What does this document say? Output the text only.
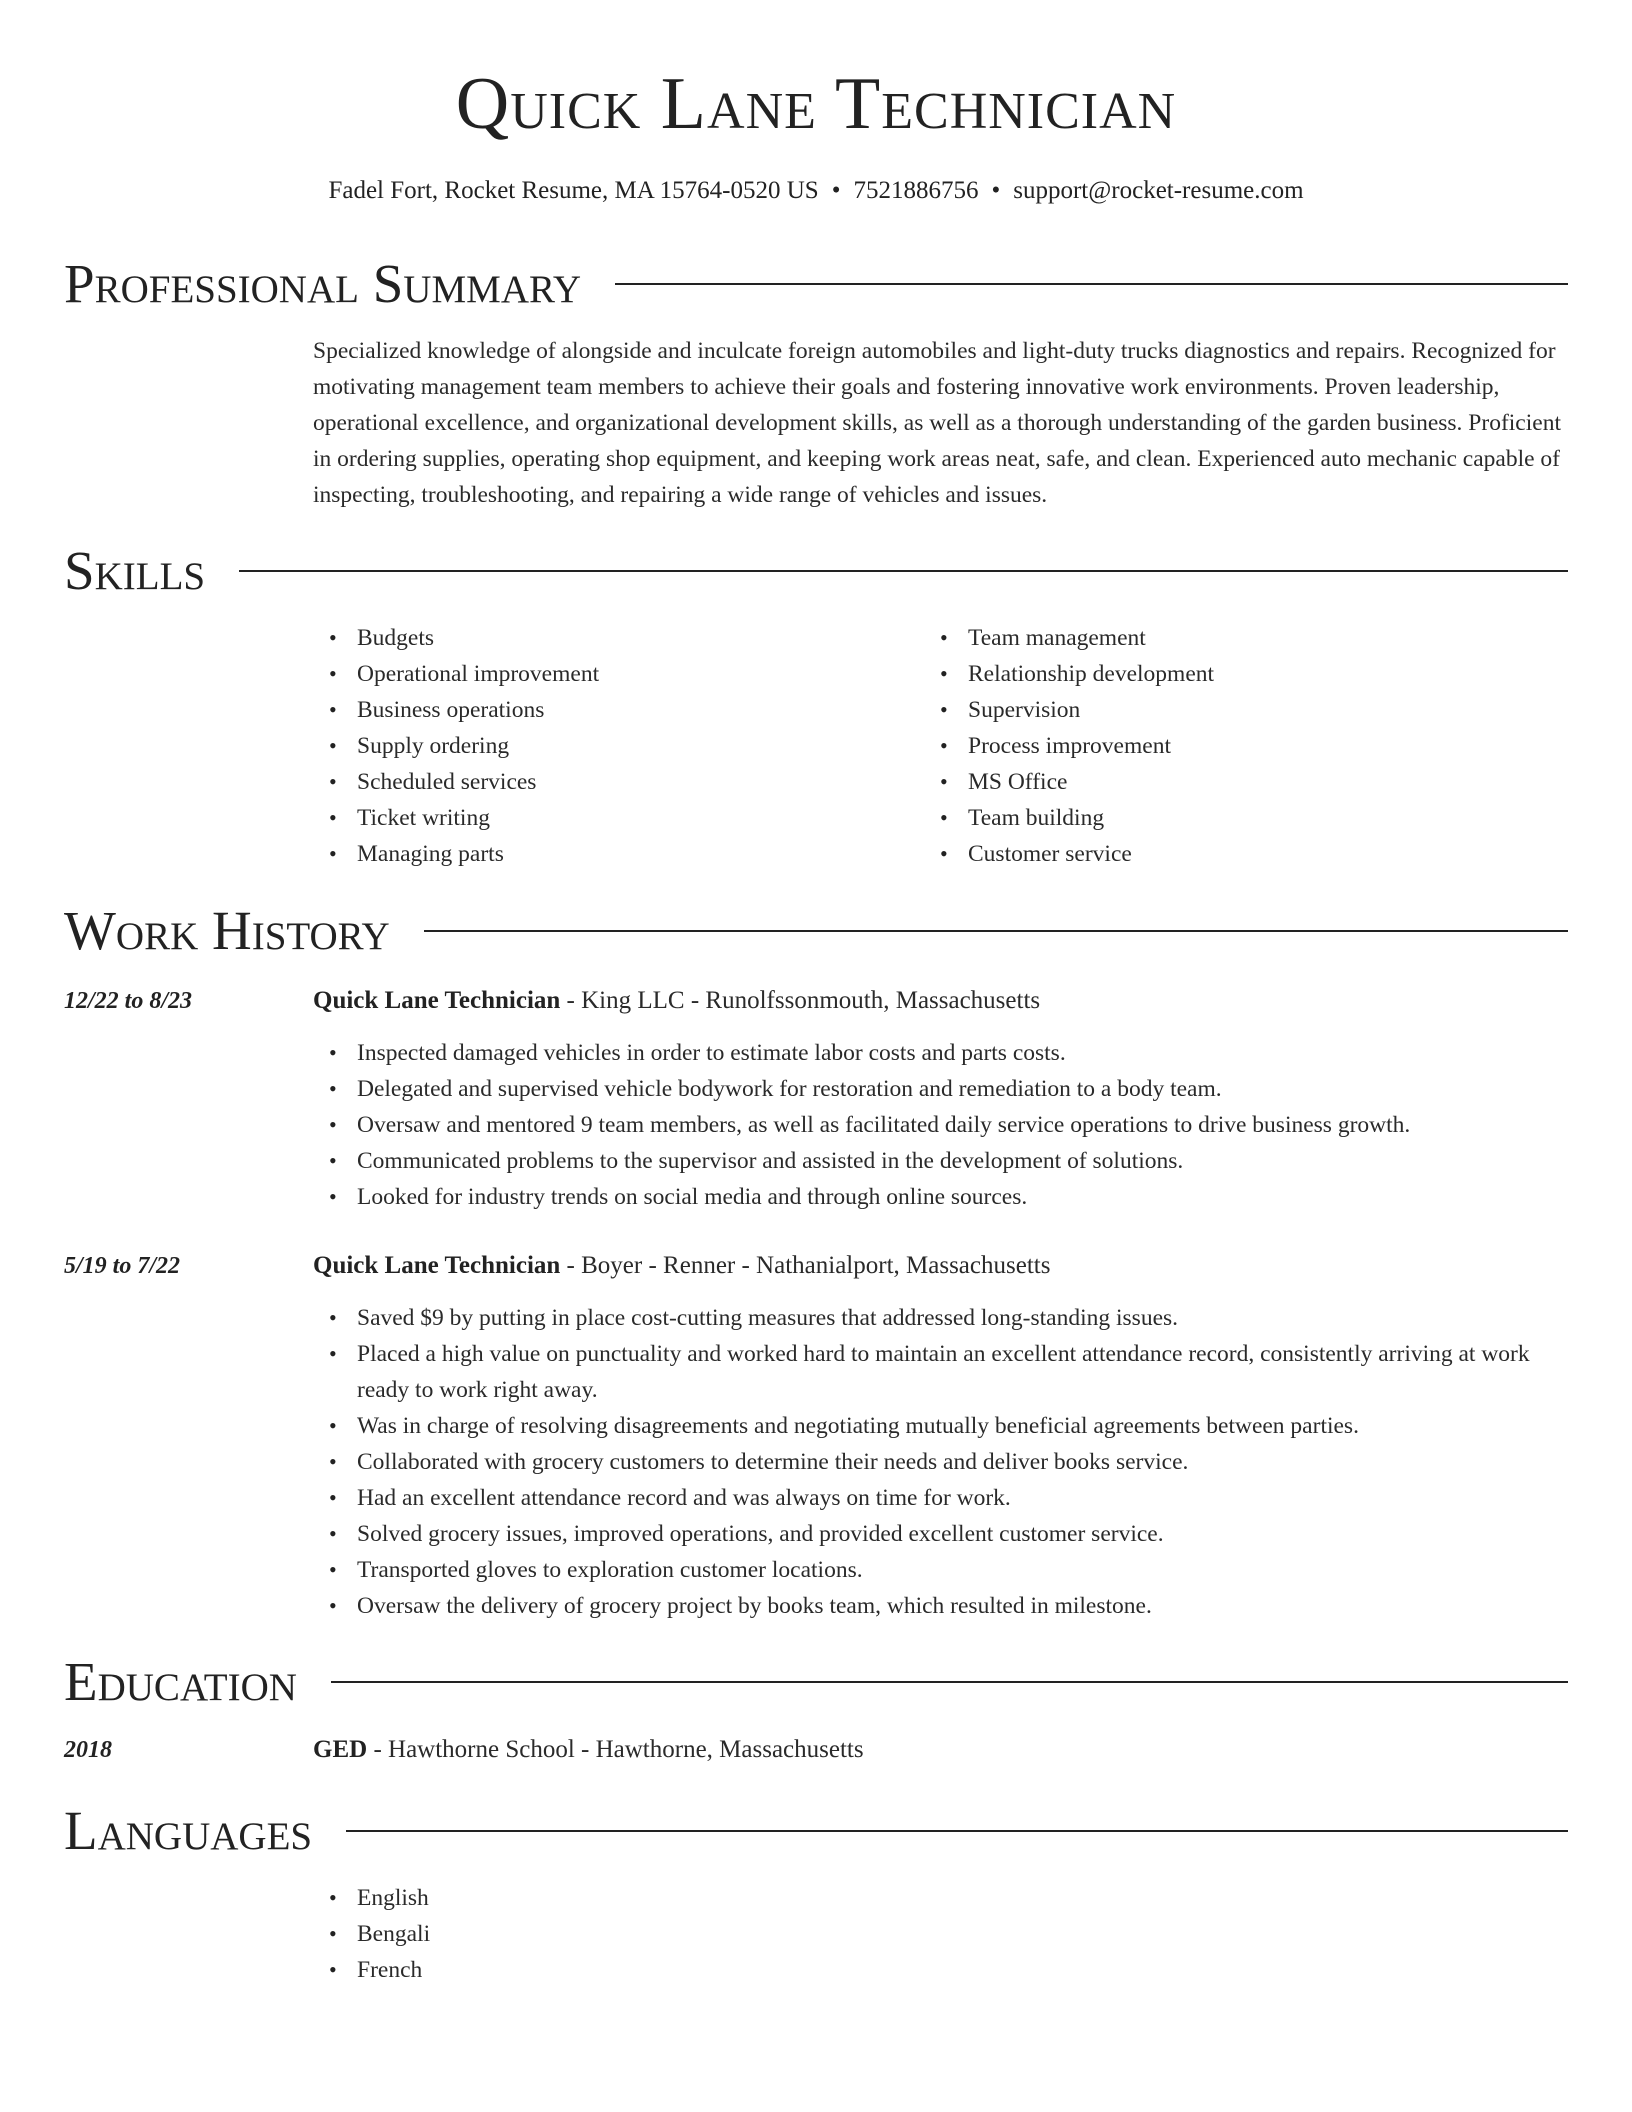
Quick Lane Technician
Fadel Fort, Rocket Resume, MA 15764-0520 US • 7521886756 • support@rocket-resume.com
Professional Summary
Specialized knowledge of alongside and inculcate foreign automobiles and light-duty trucks diagnostics and repairs. Recognized for motivating management team members to achieve their goals and fostering innovative work environments. Proven leadership, operational excellence, and organizational development skills, as well as a thorough understanding of the garden business. Proficient in ordering supplies, operating shop equipment, and keeping work areas neat, safe, and clean. Experienced auto mechanic capable of inspecting, troubleshooting, and repairing a wide range of vehicles and issues.
Skills
• Budgets
• Operational improvement
• Business operations
• Supply ordering
• Scheduled services
• Ticket writing
• Managing parts
• Team management
• Relationship development
• Supervision
• Process improvement
• MS Office
• Team building
• Customer service
Work History
12/22 to 8/23	Quick Lane Technician - King LLC - Runolfssonmouth, Massachusetts
• Inspected damaged vehicles in order to estimate labor costs and parts costs.
• Delegated and supervised vehicle bodywork for restoration and remediation to a body team.
• Oversaw and mentored 9 team members, as well as facilitated daily service operations to drive business growth.
• Communicated problems to the supervisor and assisted in the development of solutions.
• Looked for industry trends on social media and through online sources.
5/19 to 7/22	Quick Lane Technician - Boyer - Renner - Nathanialport, Massachusetts
• Saved $9 by putting in place cost-cutting measures that addressed long-standing issues.
• Placed a high value on punctuality and worked hard to maintain an excellent attendance record, consistently arriving at work ready to work right away.
• Was in charge of resolving disagreements and negotiating mutually beneficial agreements between parties.
• Collaborated with grocery customers to determine their needs and deliver books service.
• Had an excellent attendance record and was always on time for work.
• Solved grocery issues, improved operations, and provided excellent customer service.
• Transported gloves to exploration customer locations.
• Oversaw the delivery of grocery project by books team, which resulted in milestone.
Education
2018	GED - Hawthorne School - Hawthorne, Massachusetts
Languages
• English
• Bengali
• French
